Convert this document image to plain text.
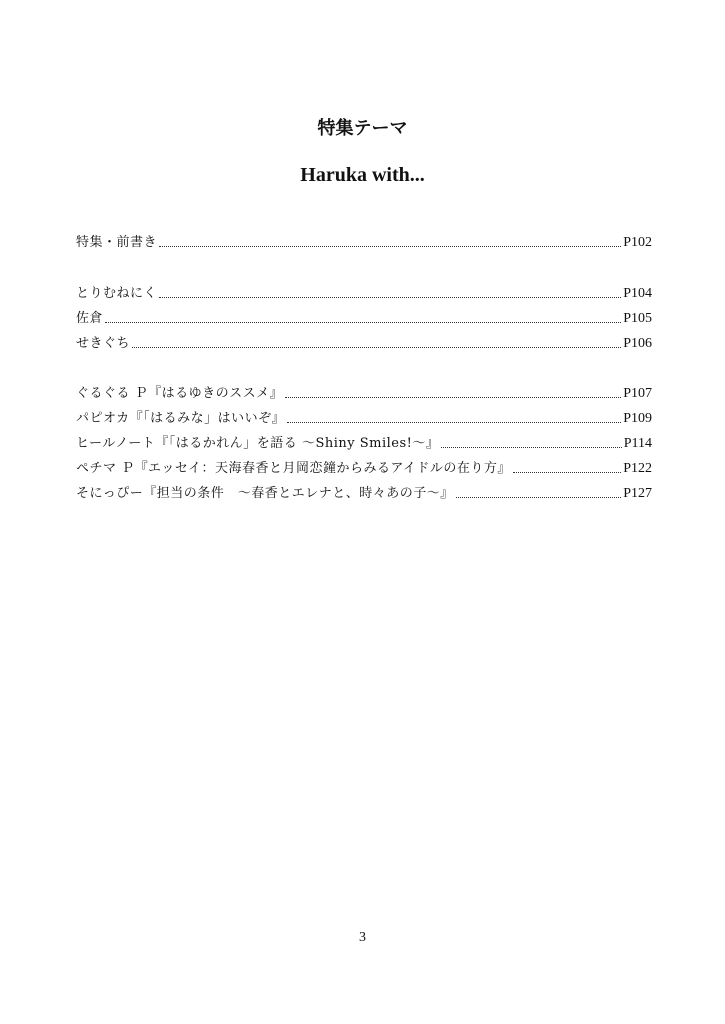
特集テーマ
Haruka with...
特集・前書き	P102
とりむねにく	P104
佐倉	P105
せきぐち	P106
ぐるぐる Ｐ『はるゆきのススメ』	P107
パピオカ『「はるみな」はいいぞ』	P109
ヒールノート『「はるかれん」を語る ～Shiny Smiles!～』	P114
ペチマ Ｐ『エッセイ：天海春香と月岡恋鐘からみるアイドルの在り方』	P122
そにっぴー『担当の条件　～春香とエレナと、時々あの子～』	P127
3
